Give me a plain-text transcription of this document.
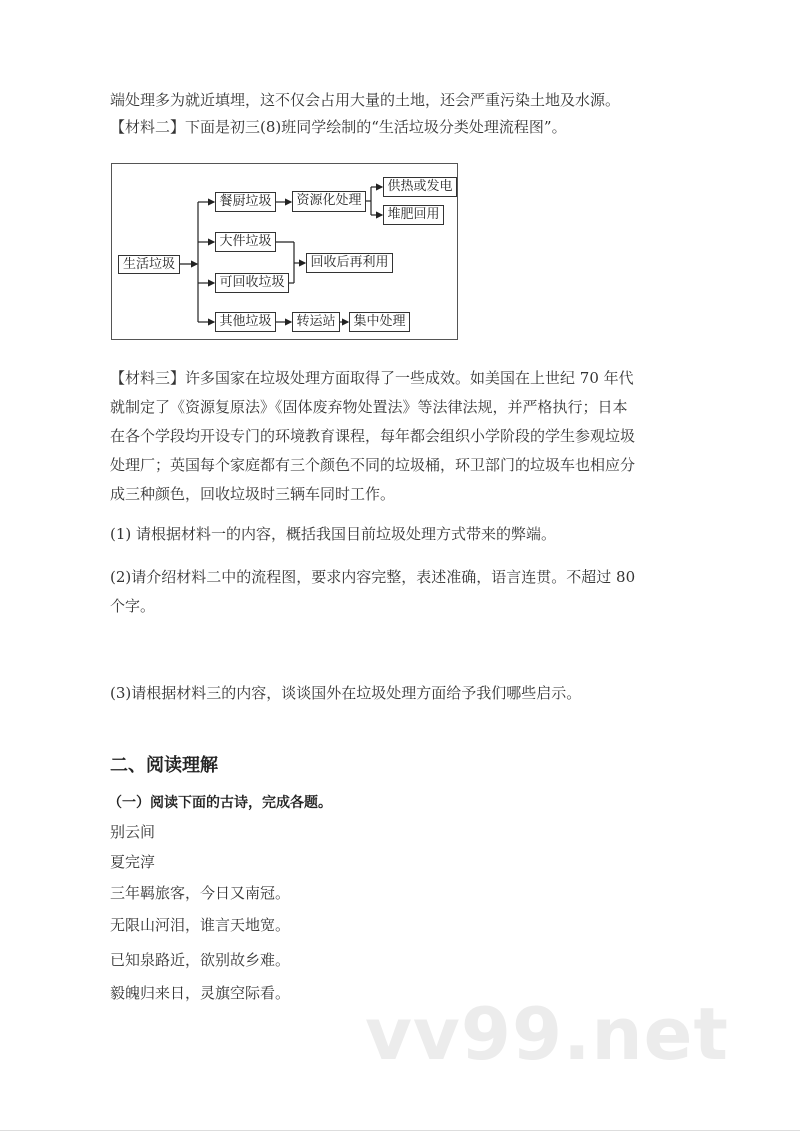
端处理多为就近填埋，这不仅会占用大量的土地，还会严重污染土地及水源。
【材料二】下面是初三(8)班同学绘制的“生活垃圾分类处理流程图”。
生活垃圾
餐厨垃圾	资源化处理
供热或发电
堆肥回用
大件垃圾
回收后再利用
可回收垃圾
其他垃圾	转运站	集中处理
【材料三】许多国家在垃圾处理方面取得了一些成效。如美国在上世纪 70 年代
就制定了《资源复原法》《固体废弃物处置法》等法律法规，并严格执行；日本
在各个学段均开设专门的环境教育课程，每年都会组织小学阶段的学生参观垃圾
处理厂；英国每个家庭都有三个颜色不同的垃圾桶，环卫部门的垃圾车也相应分
成三种颜色，回收垃圾时三辆车同时工作。
(1) 请根据材料一的内容，概括我国目前垃圾处理方式带来的弊端。
(2)请介绍材料二中的流程图，要求内容完整，表述准确，语言连贯。不超过 80
个字。
(3)请根据材料三的内容，谈谈国外在垃圾处理方面给予我们哪些启示。
二、阅读理解
（一）阅读下面的古诗，完成各题。
别云间
夏完淳
三年羁旅客，今日又南冠。
无限山河泪，谁言天地宽。
已知泉路近，欲别故乡难。
毅魄归来日，灵旗空际看。 vv99.net
